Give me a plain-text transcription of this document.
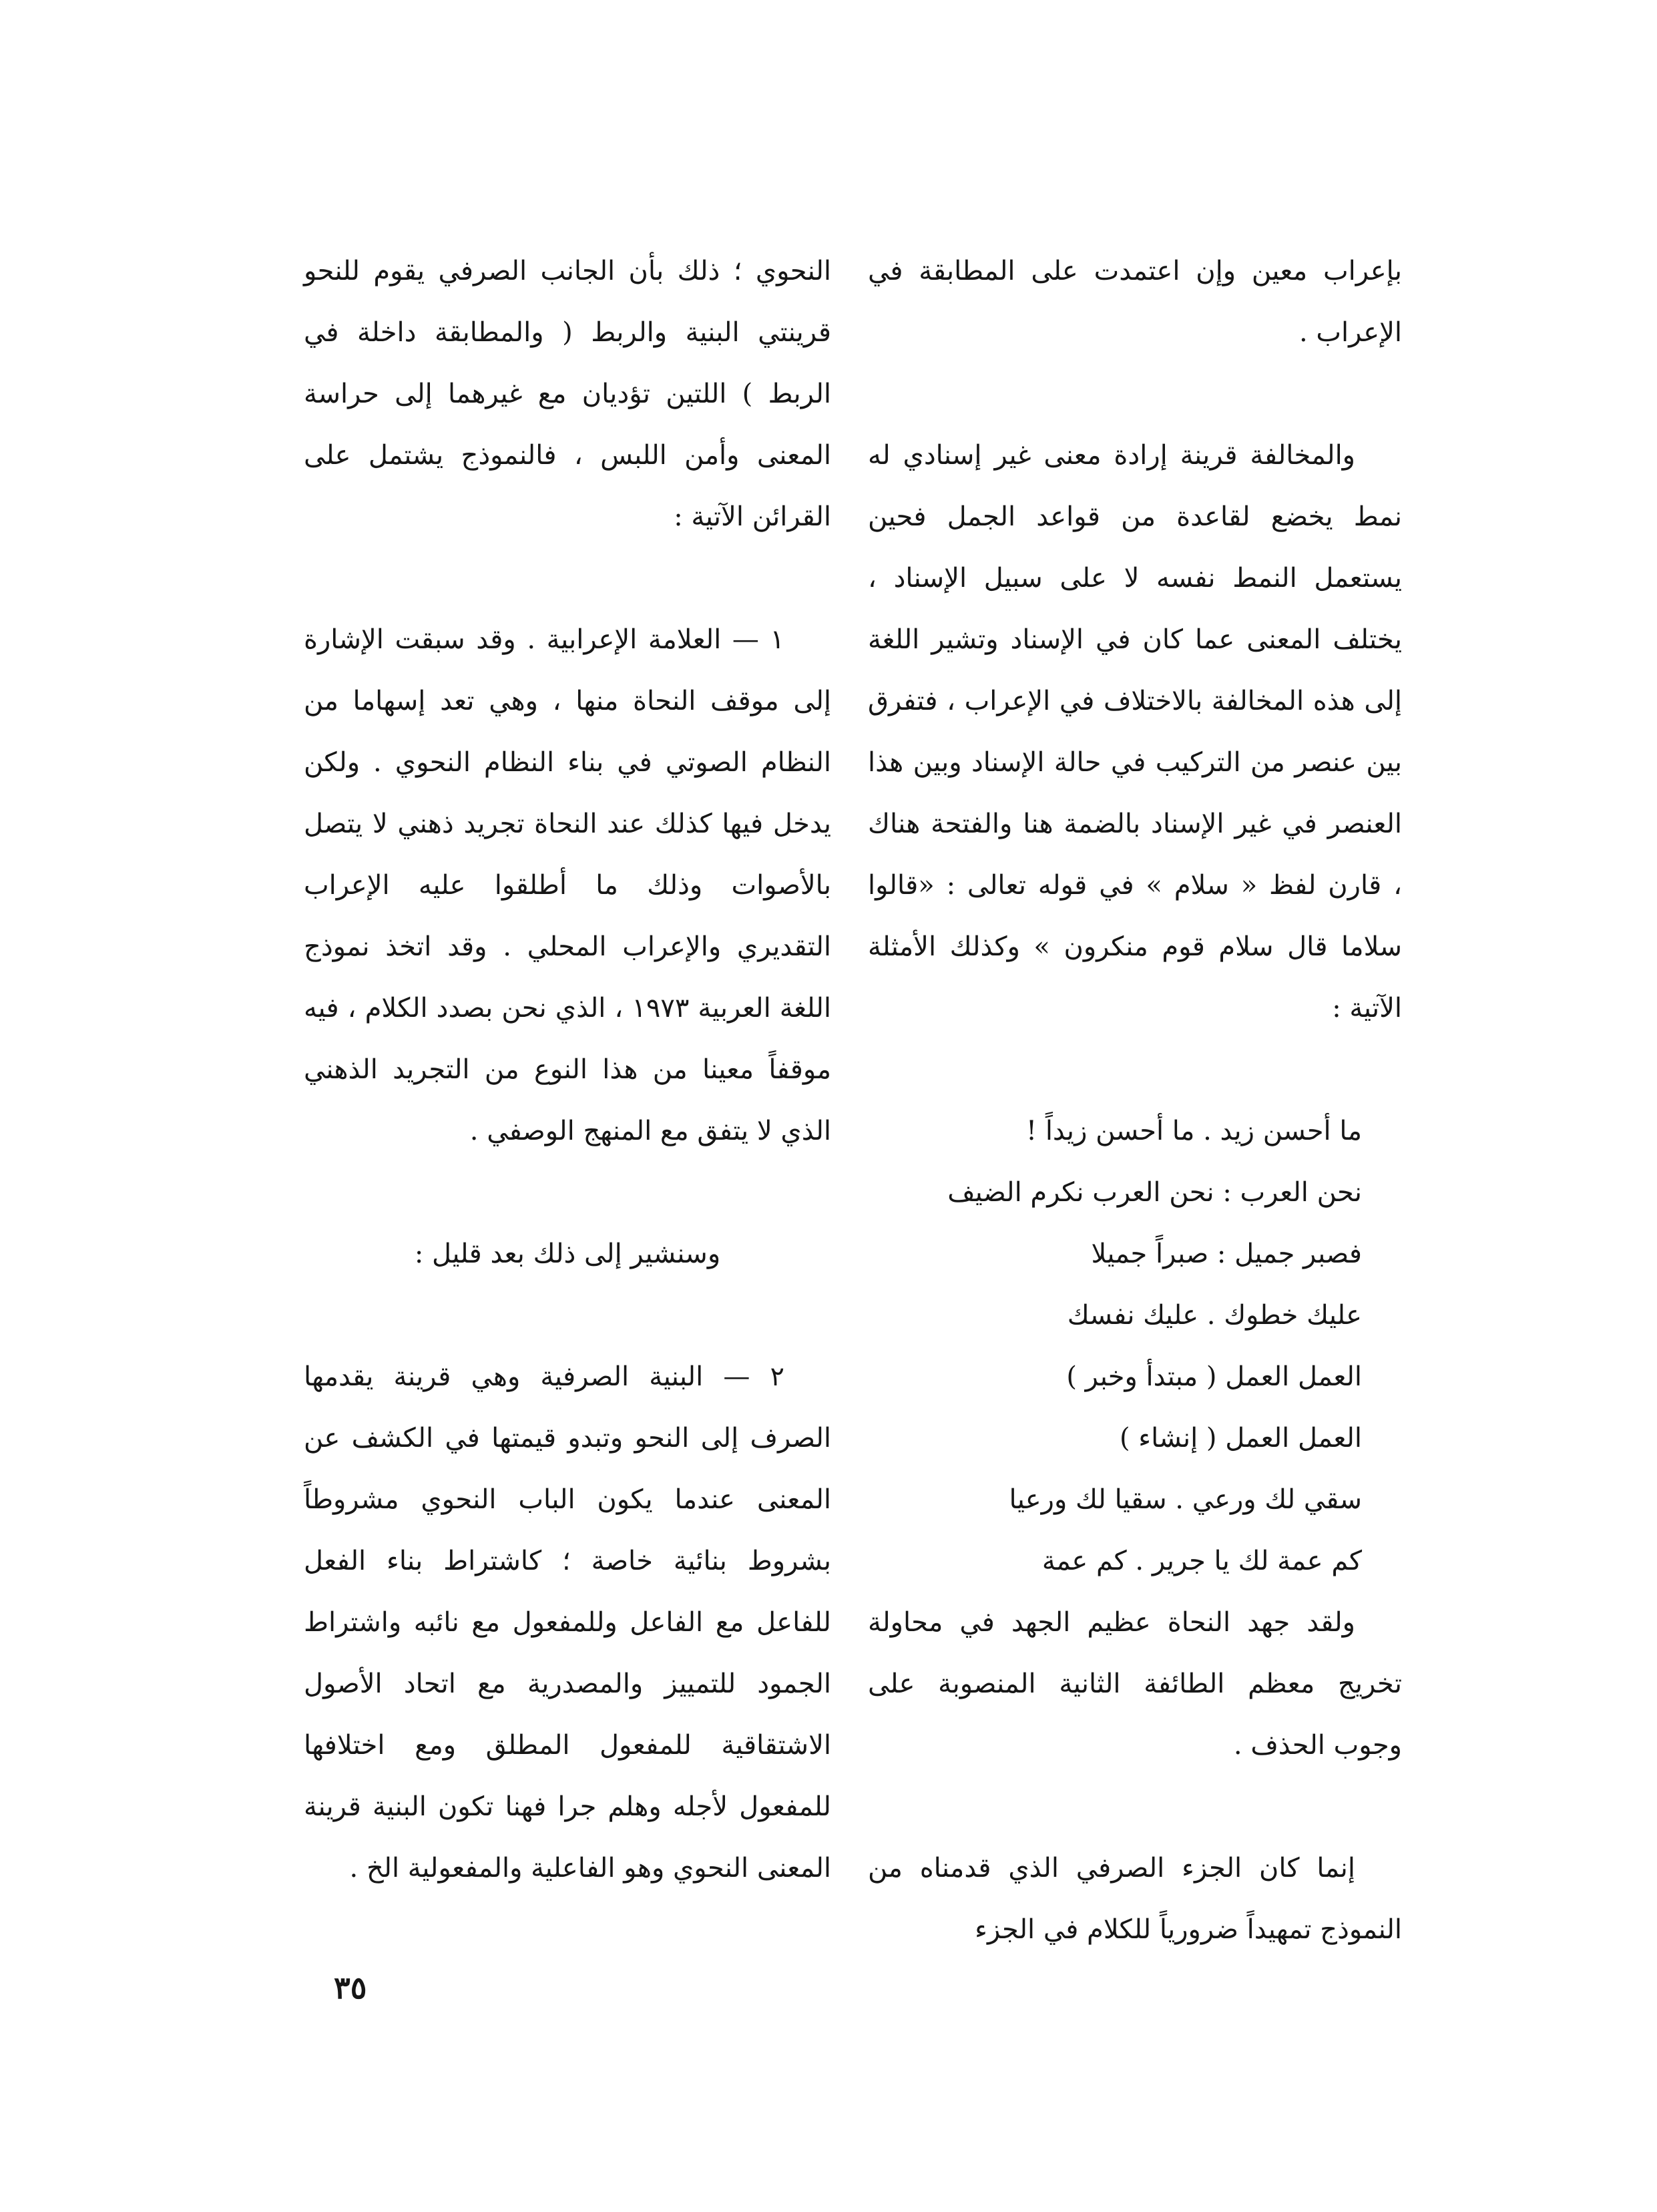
بإعراب معين وإن اعتمدت على المطابقة في الإعراب .

والمخالفة قرينة إرادة معنى غير إسنادي له نمط يخضع لقاعدة من قواعد الجمل فحين يستعمل النمط نفسه لا على سبيل الإسناد ، يختلف المعنى عما كان في الإسناد وتشير اللغة إلى هذه المخالفة بالاختلاف في الإعراب ، فتفرق بين عنصر من التركيب في حالة الإسناد وبين هذا العنصر في غير الإسناد بالضمة هنا والفتحة هناك ، قارن لفظ « سلام » في قوله تعالى : «قالوا سلاما قال سلام قوم منكرون » وكذلك الأمثلة الآتية :

ما أحسن زيد . ما أحسن زيداً !

نحن العرب : نحن العرب نكرم الضيف

فصبر جميل : صبراً جميلا

عليك خطوك . عليك نفسك

العمل العمل ( مبتدأ وخبر )

العمل العمل ( إنشاء )

سقي لك ورعي . سقيا لك ورعيا

كم عمة لك يا جرير . كم عمة

ولقد جهد النحاة عظيم الجهد في محاولة تخريج معظم الطائفة الثانية المنصوبة على وجوب الحذف .

إنما كان الجزء الصرفي الذي قدمناه من النموذج تمهيداً ضرورياً للكلام في الجزء

النحوي ؛ ذلك بأن الجانب الصرفي يقوم للنحو قرينتي البنية والربط ( والمطابقة داخلة في الربط ) اللتين تؤديان مع غيرهما إلى حراسة المعنى وأمن اللبس ، فالنموذج يشتمل على القرائن الآتية :

١ — العلامة الإعرابية . وقد سبقت الإشارة إلى موقف النحاة منها ، وهي تعد إسهاما من النظام الصوتي في بناء النظام النحوي . ولكن يدخل فيها كذلك عند النحاة تجريد ذهني لا يتصل بالأصوات وذلك ما أطلقوا عليه الإعراب التقديري والإعراب المحلي . وقد اتخذ نموذج اللغة العربية ١٩٧٣ ، الذي نحن بصدد الكلام ، فيه موقفاً معينا من هذا النوع من التجريد الذهني الذي لا يتفق مع المنهج الوصفي .

وسنشير إلى ذلك بعد قليل :

٢ — البنية الصرفية وهي قرينة يقدمها الصرف إلى النحو وتبدو قيمتها في الكشف عن المعنى عندما يكون الباب النحوي مشروطاً بشروط بنائية خاصة ؛ كاشتراط بناء الفعل للفاعل مع الفاعل وللمفعول مع نائبه واشتراط الجمود للتمييز والمصدرية مع اتحاد الأصول الاشتقاقية للمفعول المطلق ومع اختلافها للمفعول لأجله وهلم جرا فهنا تكون البنية قرينة المعنى النحوي وهو الفاعلية والمفعولية الخ .

٣٥
